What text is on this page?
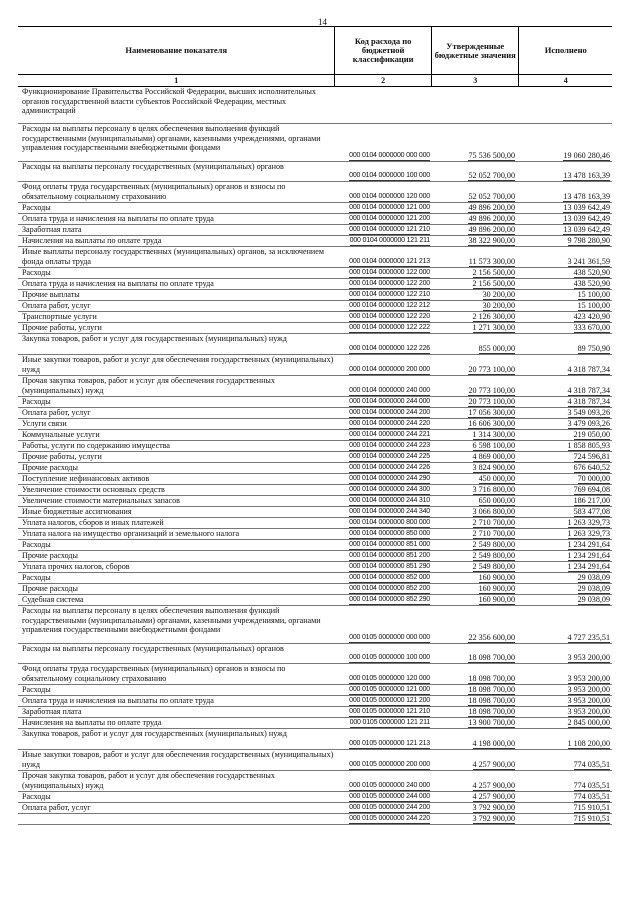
14
Наименование показателя
Код расхода по бюджетной классификации
Утвержденные бюджетные значения	Исполнено
1	2	3	4
Функционирование Правительства Российской Федерации, высших исполнительных органов государственной власти субъектов Российской Федерации, местных администраций
Расходы на выплаты персоналу в целях обеспечения выполнения функций государственными (муниципальными) органами, казенными учреждениями, органами управления государственными внебюджетными фондами
000 0104 0000000 000 000	75 536 500,00	19 060 280,46
Расходы на выплаты персоналу государственных (муниципальных) органов
000 0104 0000000 100 000	52 052 700,00	13 478 163,39
Фонд оплаты труда государственных (муниципальных) органов и взносы по обязательному социальному страхованию	000 0104 0000000 120 000	52 052 700,00	13 478 163,39
Расходы	000 0104 0000000 121 000	49 896 200,00	13 039 642,49
Оплата труда и начисления на выплаты по оплате труда	000 0104 0000000 121 200	49 896 200,00	13 039 642,49
Заработная плата	000 0104 0000000 121 210	49 896 200,00	13 039 642,49
Начисления на выплаты по оплате труда	000 0104 0000000 121 211	38 322 900,00	9 798 280,90
Иные выплаты персоналу государственных (муниципальных) органов, за исключением фонда оплаты труда	000 0104 0000000 121 213	11 573 300,00	3 241 361,59
Расходы	000 0104 0000000 122 000	2 156 500,00	438 520,90
Оплата труда и начисления на выплаты по оплате труда	000 0104 0000000 122 200	2 156 500,00	438 520,90
Прочие выплаты	000 0104 0000000 122 210	30 200,00	15 100,00
Оплата работ, услуг	000 0104 0000000 122 212	30 200,00	15 100,00
Транспортные услуги	000 0104 0000000 122 220	2 126 300,00	423 420,90
Прочие работы, услуги	000 0104 0000000 122 222	1 271 300,00	333 670,00
Закупка товаров, работ и услуг для государственных (муниципальных) нужд
000 0104 0000000 122 226	855 000,00	89 750,90
Иные закупки товаров, работ и услуг для обеспечения государственных (муниципальных) нужд	000 0104 0000000 200 000	20 773 100,00	4 318 787,34
Прочая закупка товаров, работ и услуг для обеспечения государственных (муниципальных) нужд	000 0104 0000000 240 000	20 773 100,00	4 318 787,34
Расходы	000 0104 0000000 244 000	20 773 100,00	4 318 787,34
Оплата работ, услуг	000 0104 0000000 244 200	17 056 300,00	3 549 093,26
Услуги связи	000 0104 0000000 244 220	16 606 300,00	3 479 093,26
Коммунальные услуги	000 0104 0000000 244 221	1 314 300,00	219 050,00
Работы, услуги по содержанию имущества	000 0104 0000000 244 223	6 598 100,00	1 858 805,93
Прочие работы, услуги	000 0104 0000000 244 225	4 869 000,00	724 596,81
Прочие расходы	000 0104 0000000 244 226	3 824 900,00	676 640,52
Поступление нефинансовых активов	000 0104 0000000 244 290	450 000,00	70 000,00
Увеличение стоимости основных средств	000 0104 0000000 244 300	3 716 800,00	769 694,08
Увеличение стоимости материальных запасов	000 0104 0000000 244 310	650 000,00	186 217,00
Иные бюджетные ассигнования	000 0104 0000000 244 340	3 066 800,00	583 477,08
Уплата налогов, сборов и иных платежей	000 0104 0000000 800 000	2 710 700,00	1 263 329,73
Уплата налога на имущество организаций и земельного налога	000 0104 0000000 850 000	2 710 700,00	1 263 329,73
Расходы	000 0104 0000000 851 000	2 549 800,00	1 234 291,64
Прочие расходы	000 0104 0000000 851 200	2 549 800,00	1 234 291,64
Уплата прочих налогов, сборов	000 0104 0000000 851 290	2 549 800,00	1 234 291,64
Расходы	000 0104 0000000 852 000	160 900,00	29 038,09
Прочие расходы	000 0104 0000000 852 200	160 900,00	29 038,09
Судебная система	000 0104 0000000 852 290	160 900,00	29 038,09
Расходы на выплаты персоналу в целях обеспечения выполнения функций государственными (муниципальными) органами, казенными учреждениями, органами управления государственными внебюджетными фондами
000 0105 0000000 000 000	22 356 600,00	4 727 235,51
Расходы на выплаты персоналу государственных (муниципальных) органов
000 0105 0000000 100 000	18 098 700,00	3 953 200,00
Фонд оплаты труда государственных (муниципальных) органов и взносы по обязательному социальному страхованию	000 0105 0000000 120 000	18 098 700,00	3 953 200,00
Расходы	000 0105 0000000 121 000	18 098 700,00	3 953 200,00
Оплата труда и начисления на выплаты по оплате труда	000 0105 0000000 121 200	18 098 700,00	3 953 200,00
Заработная плата	000 0105 0000000 121 210	18 098 700,00	3 953 200,00
Начисления на выплаты по оплате труда	000 0105 0000000 121 211	13 900 700,00	2 845 000,00
Закупка товаров, работ и услуг для государственных (муниципальных) нужд
000 0105 0000000 121 213	4 198 000,00	1 108 200,00
Иные закупки товаров, работ и услуг для обеспечения государственных (муниципальных) нужд	000 0105 0000000 200 000	4 257 900,00	774 035,51
Прочая закупка товаров, работ и услуг для обеспечения государственных (муниципальных) нужд	000 0105 0000000 240 000	4 257 900,00	774 035,51
Расходы	000 0105 0000000 244 000	4 257 900,00	774 035,51
Оплата работ, услуг	000 0105 0000000 244 200	3 792 900,00	715 910,51
000 0105 0000000 244 220	3 792 900,00	715 910,51
